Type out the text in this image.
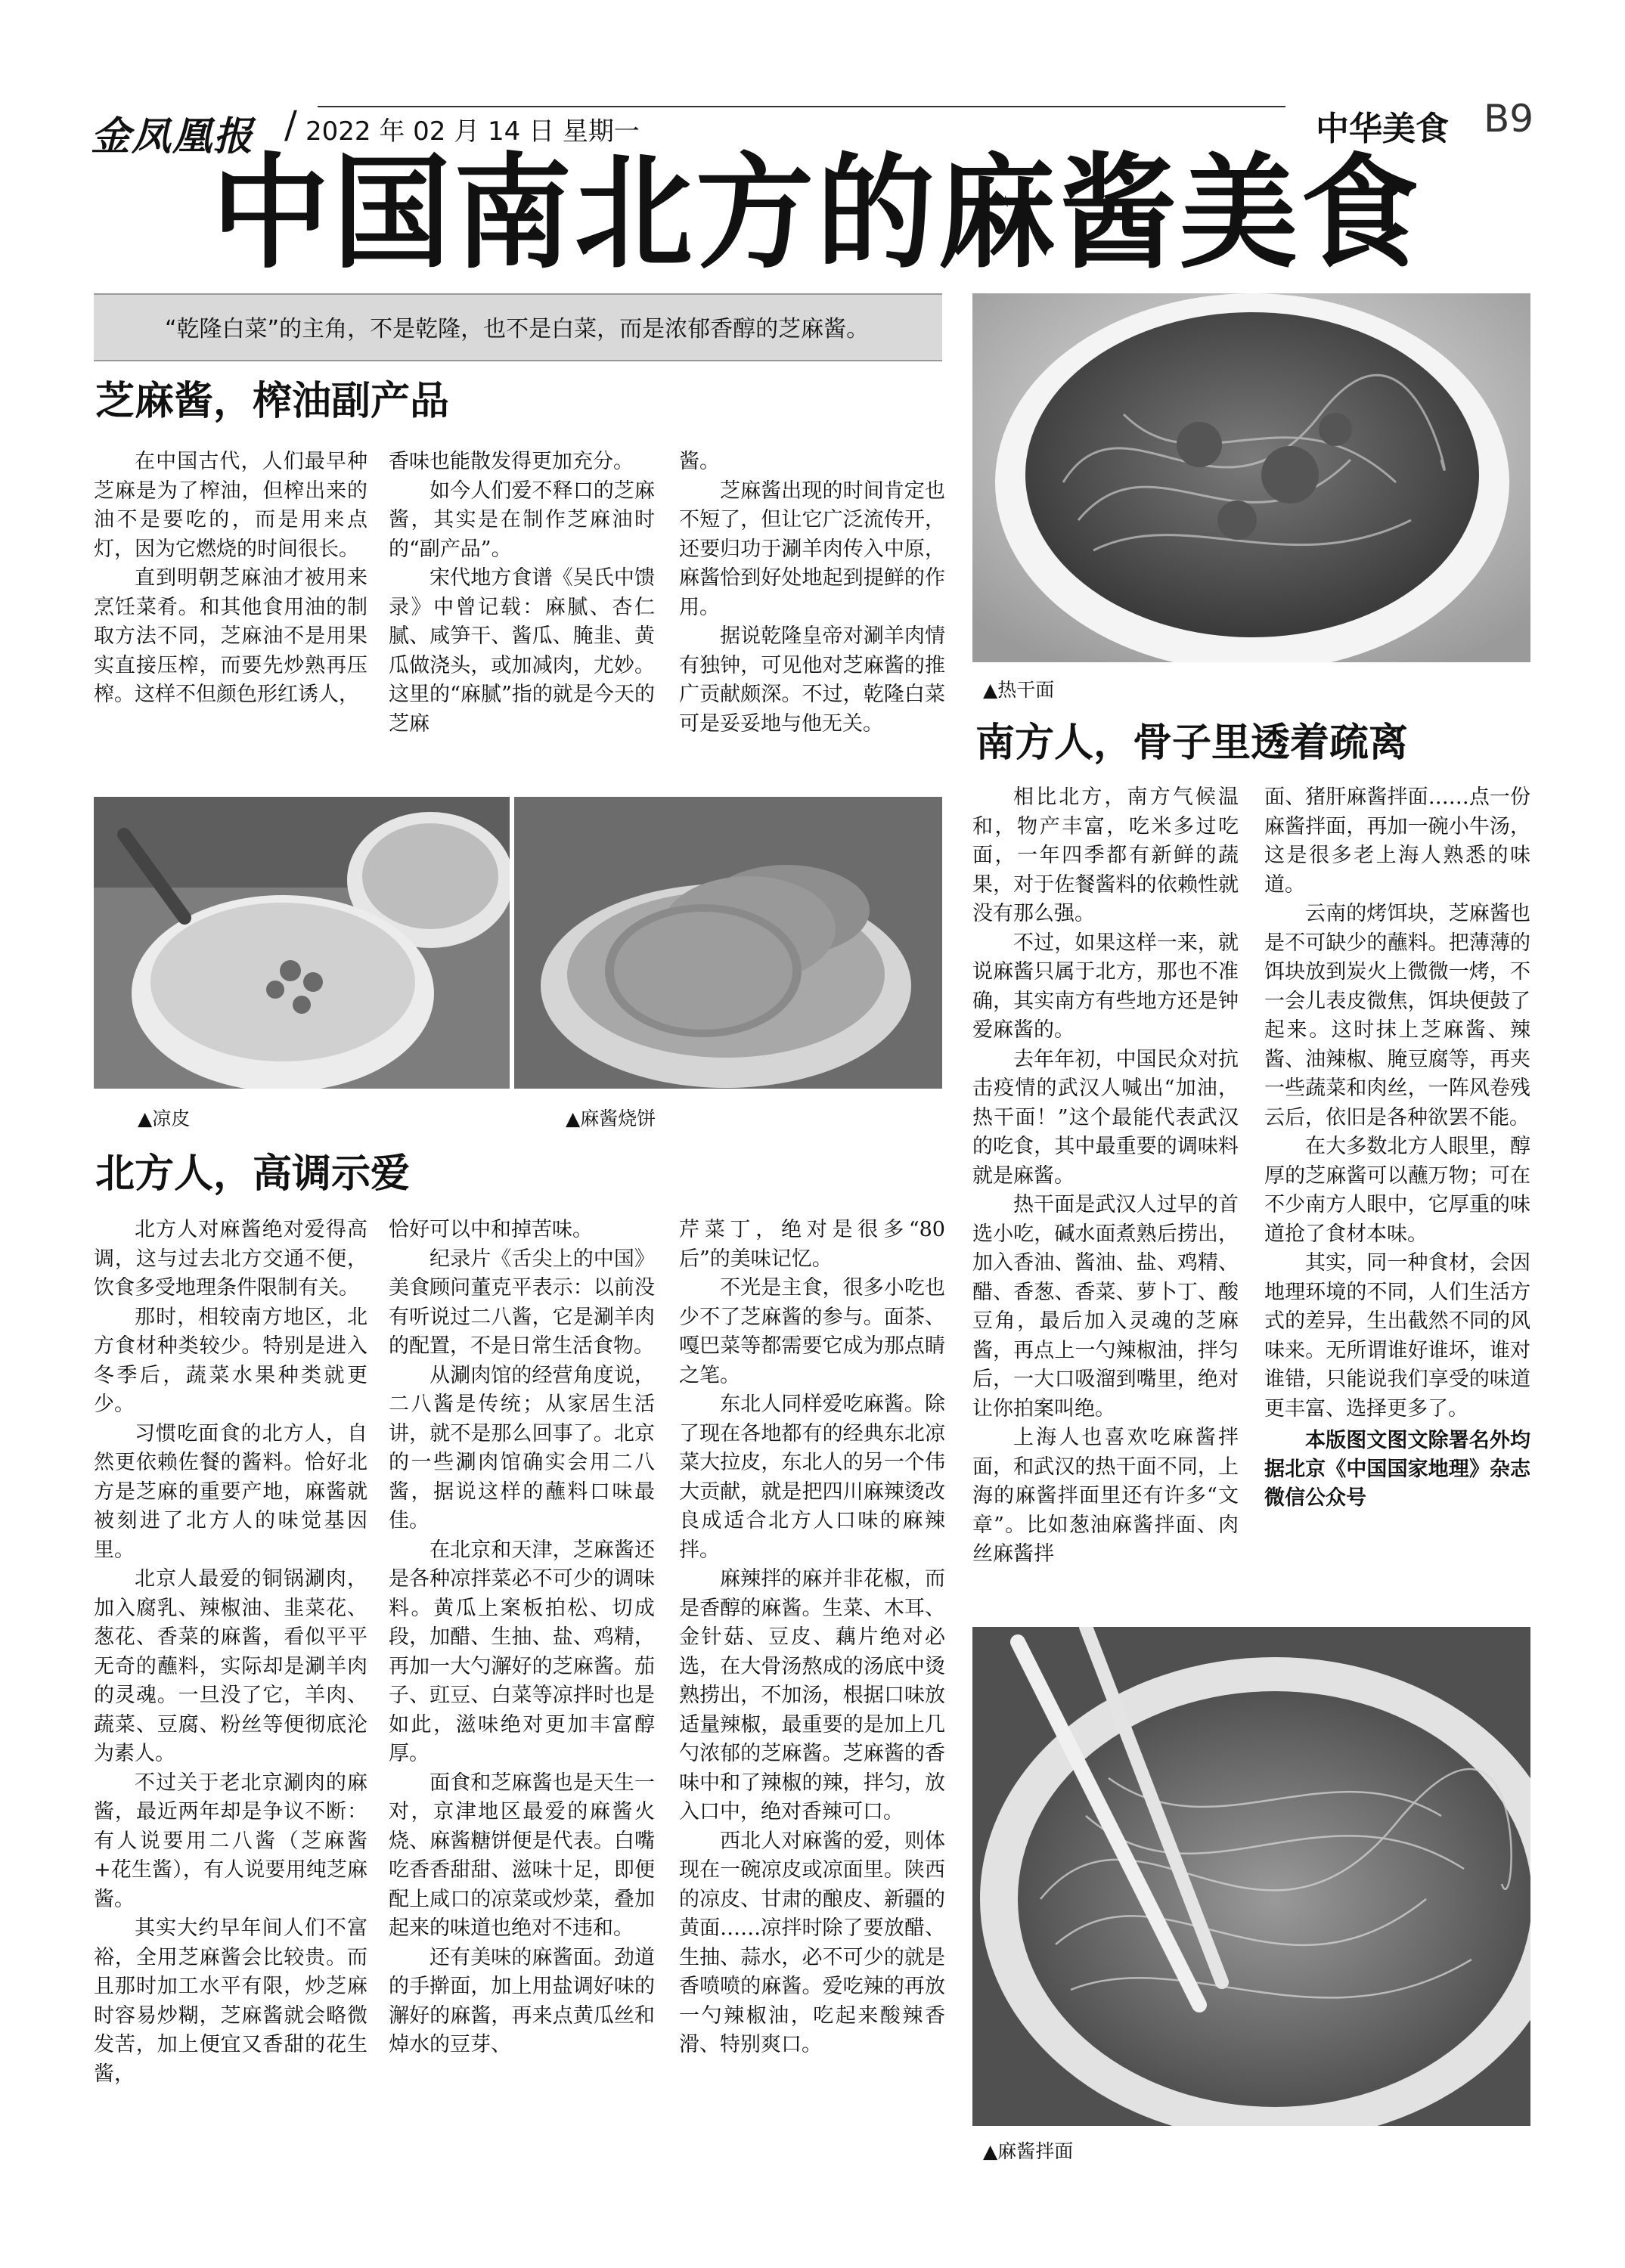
金凤凰报 / 2022 年 02 月 14 日 星期一	中华美食 B9
中国南北方的麻酱美食
“乾隆白菜”的主角，不是乾隆，也不是白菜，而是浓郁香醇的芝麻酱。
芝麻酱，榨油副产品

在中国古代，人们最早种芝麻是为了榨油，但榨出来的油不是要吃的，而是用来点灯，因为它燃烧的时间很长。

直到明朝芝麻油才被用来烹饪菜肴。和其他食用油的制取方法不同，芝麻油不是用果实直接压榨，而要先炒熟再压榨。这样不但颜色形红诱人，

香味也能散发得更加充分。

如今人们爱不释口的芝麻酱，其实是在制作芝麻油时的“副产品”。

宋代地方食谱《吴氏中馈录》中曾记载：麻腻、杏仁腻、咸笋干、酱瓜、腌韭、黄瓜做浇头，或加减肉，尤妙。这里的“麻腻”指的就是今天的芝麻

酱。

芝麻酱出现的时间肯定也不短了，但让它广泛流传开，还要归功于涮羊肉传入中原，麻酱恰到好处地起到提鲜的作用。

据说乾隆皇帝对涮羊肉情有独钟，可见他对芝麻酱的推广贡献颇深。不过，乾隆白菜可是妥妥地与他无关。

▲热干面
▲凉皮	▲麻酱烧饼
北方人，高调示爱

北方人对麻酱绝对爱得高调，这与过去北方交通不便，饮食多受地理条件限制有关。

那时，相较南方地区，北方食材种类较少。特别是进入冬季后，蔬菜水果种类就更少。

习惯吃面食的北方人，自然更依赖佐餐的酱料。恰好北方是芝麻的重要产地，麻酱就被刻进了北方人的味觉基因里。

北京人最爱的铜锅涮肉，加入腐乳、辣椒油、韭菜花、葱花、香菜的麻酱，看似平平无奇的蘸料，实际却是涮羊肉的灵魂。一旦没了它，羊肉、蔬菜、豆腐、粉丝等便彻底沦为素人。

不过关于老北京涮肉的麻酱，最近两年却是争议不断：有人说要用二八酱（芝麻酱+花生酱），有人说要用纯芝麻酱。

其实大约早年间人们不富裕，全用芝麻酱会比较贵。而且那时加工水平有限，炒芝麻时容易炒糊，芝麻酱就会略微发苦，加上便宜又香甜的花生酱，

恰好可以中和掉苦味。

纪录片《舌尖上的中国》美食顾问董克平表示：以前没有听说过二八酱，它是涮羊肉的配置，不是日常生活食物。

从涮肉馆的经营角度说，二八酱是传统；从家居生活讲，就不是那么回事了。北京的一些涮肉馆确实会用二八酱，据说这样的蘸料口味最佳。

在北京和天津，芝麻酱还是各种凉拌菜必不可少的调味料。黄瓜上案板拍松、切成段，加醋、生抽、盐、鸡精，再加一大勺澥好的芝麻酱。茄子、豇豆、白菜等凉拌时也是如此，滋味绝对更加丰富醇厚。

面食和芝麻酱也是天生一对，京津地区最爱的麻酱火烧、麻酱糖饼便是代表。白嘴吃香香甜甜、滋味十足，即便配上咸口的凉菜或炒菜，叠加起来的味道也绝对不违和。

还有美味的麻酱面。劲道的手擀面，加上用盐调好味的澥好的麻酱，再来点黄瓜丝和焯水的豆芽、

芹菜丁，绝对是很多“80后”的美味记忆。

不光是主食，很多小吃也少不了芝麻酱的参与。面茶、嘎巴菜等都需要它成为那点睛之笔。

东北人同样爱吃麻酱。除了现在各地都有的经典东北凉菜大拉皮，东北人的另一个伟大贡献，就是把四川麻辣烫改良成适合北方人口味的麻辣拌。

麻辣拌的麻并非花椒，而是香醇的麻酱。生菜、木耳、金针菇、豆皮、藕片绝对必选，在大骨汤熬成的汤底中烫熟捞出，不加汤，根据口味放适量辣椒，最重要的是加上几勺浓郁的芝麻酱。芝麻酱的香味中和了辣椒的辣，拌匀，放入口中，绝对香辣可口。

西北人对麻酱的爱，则体现在一碗凉皮或凉面里。陕西的凉皮、甘肃的酿皮、新疆的黄面……凉拌时除了要放醋、生抽、蒜水，必不可少的就是香喷喷的麻酱。爱吃辣的再放一勺辣椒油，吃起来酸辣香滑、特别爽口。

南方人，骨子里透着疏离

相比北方，南方气候温和，物产丰富，吃米多过吃面，一年四季都有新鲜的蔬果，对于佐餐酱料的依赖性就没有那么强。

不过，如果这样一来，就说麻酱只属于北方，那也不准确，其实南方有些地方还是钟爱麻酱的。

去年年初，中国民众对抗击疫情的武汉人喊出“加油，热干面！”这个最能代表武汉的吃食，其中最重要的调味料就是麻酱。

热干面是武汉人过早的首选小吃，碱水面煮熟后捞出，加入香油、酱油、盐、鸡精、醋、香葱、香菜、萝卜丁、酸豆角，最后加入灵魂的芝麻酱，再点上一勺辣椒油，拌匀后，一大口吸溜到嘴里，绝对让你拍案叫绝。

上海人也喜欢吃麻酱拌面，和武汉的热干面不同，上海的麻酱拌面里还有许多“文章”。比如葱油麻酱拌面、肉丝麻酱拌

面、猪肝麻酱拌面……点一份麻酱拌面，再加一碗小牛汤，这是很多老上海人熟悉的味道。

云南的烤饵块，芝麻酱也是不可缺少的蘸料。把薄薄的饵块放到炭火上微微一烤，不一会儿表皮微焦，饵块便鼓了起来。这时抹上芝麻酱、辣酱、油辣椒、腌豆腐等，再夹一些蔬菜和肉丝，一阵风卷残云后，依旧是各种欲罢不能。

在大多数北方人眼里，醇厚的芝麻酱可以蘸万物；可在不少南方人眼中，它厚重的味道抢了食材本味。

其实，同一种食材，会因地理环境的不同，人们生活方式的差异，生出截然不同的风味来。无所谓谁好谁坏，谁对谁错，只能说我们享受的味道更丰富、选择更多了。

本版图文图文除署名外均据北京《中国国家地理》杂志微信公众号

▲麻酱拌面
